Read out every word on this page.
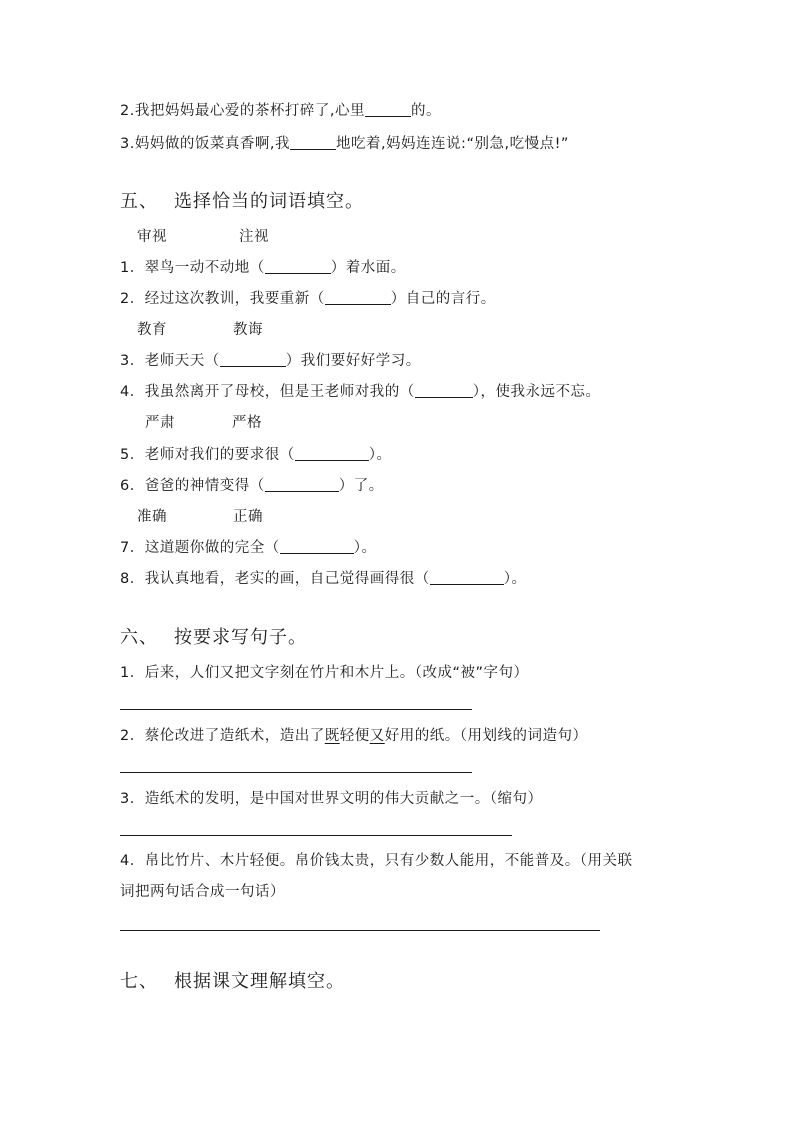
2.我把妈妈最心爱的茶杯打碎了,心里	的。
3.妈妈做的饭菜真香啊,我	地吃着,妈妈连连说:“别急,吃慢点!”
五、 选择恰当的词语填空。
审视	注视
1．翠鸟一动不动地（	）着水面。
2．经过这次教训，我要重新（	）自己的言行。
教育	教诲
3．老师天天（	）我们要好好学习。
4．我虽然离开了母校，但是王老师对我的（	），使我永远不忘。
严肃	严格
5．老师对我们的要求很（	）。
6．爸爸的神情变得（	）了。
准确	正确
7．这道题你做的完全（	）。
8．我认真地看，老实的画，自己觉得画得很（	）。
六、 按要求写句子。
1．后来，人们又把文字刻在竹片和木片上。（改成“被”字句）
2．蔡伦改进了造纸术，造出了既轻便又好用的纸。（用划线的词造句）
3．造纸术的发明，是中国对世界文明的伟大贡献之一。（缩句）
4．帛比竹片、木片轻便。帛价钱太贵，只有少数人能用，不能普及。（用关联
词把两句话合成一句话）
七、 根据课文理解填空。
